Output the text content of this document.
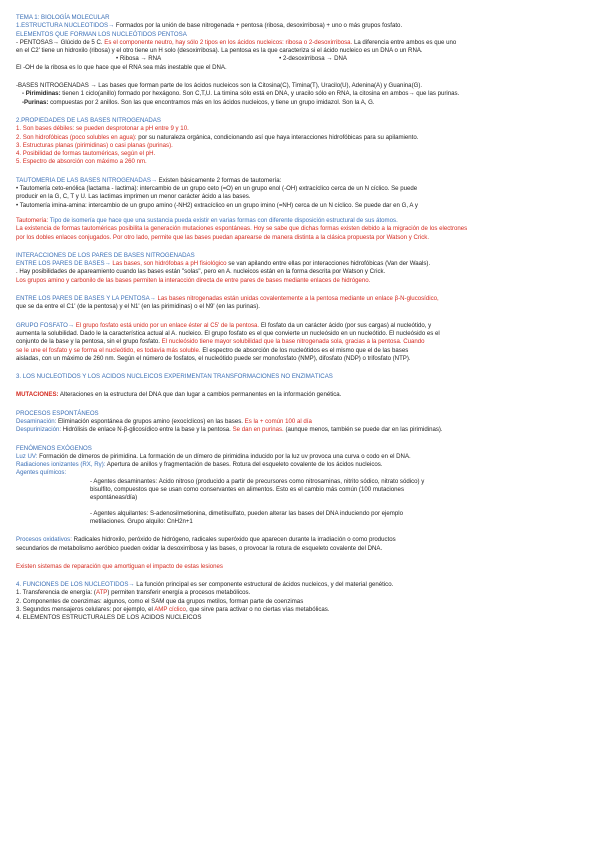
TEMA 1: BIOLOGÍA MOLECULAR

1.ESTRUCTURA NUCLEÓTIDOS→ Formados por la unión de base nitrogenada + pentosa (ribosa, desoxirribosa) + uno o más grupos fosfato.

ELEMENTOS QUE FORMAN LOS NUCLEÓTIDOS PENTOSA

- PENTOSAS→ Glúcido de 5 C. Es el componente neutro, hay sólo 2 tipos en los ácidos nucleicos: ribosa o 2-desoxirribosa. La diferencia entre ambos es que uno

en el C2' tiene un hidroxilo (ribosa) y el otro tiene un H solo (desoxirribosa). La pentosa es la que caracteriza si el ácido nucleico es un DNA o un RNA.

• Ribosa → RNA	• 2-desoxirribosa → DNA

El -OH de la ribosa es lo que hace que el RNA sea más inestable que el DNA.

-BASES NITROGENADAS → Las bases que forman parte de los ácidos nucleicos son la Citosina(C), Timina(T), Uracilo(U), Adenina(A) y Guanina(G).

- Pirimidinas: tienen 1 ciclo(anillo) formado por hexágono. Son C,T,U. La timina sólo está en DNA, y uracilo sólo en RNA, la citosina en ambos→ que las purinas.

-Purinas: compuestas por 2 anillos. Son las que encontramos más en los ácidos nucleicos, y tiene un grupo imidazol. Son la A, G.

2.PROPIEDADES DE LAS BASES NITROGENADAS

1. Son bases débiles: se pueden desprotonar a pH entre 9 y 10.

2. Son hidrofóbicas (poco solubles en agua): por su naturaleza orgánica, condicionando así que haya interacciones hidrofóbicas para su apilamiento.

3. Estructuras planas (pirimidinas) o casi planas (purinas).

4. Posibilidad de formas tautoméricas, según el pH.

5. Espectro de absorción con máximo a 260 nm.

TAUTOMERÍA DE LAS BASES NITROGENADAS→ Existen básicamente 2 formas de tautomería:

• Tautomería ceto-enólica (lactama - lactima): intercambio de un grupo ceto (=O) en un grupo enol (-OH) extracíclico cerca de un N cíclico. Se puede

producir en la G, C, T y U. Las lactimas imprimen un menor carácter ácido a las bases.

• Tautomería imina-amina: intercambio de un grupo amino (-NH2) extracíclico en un grupo imino (=NH) cerca de un N cíclico. Se puede dar en G, A y

Tautomería: Tipo de isomería que hace que una sustancia pueda existir en varias formas con diferente disposición estructural de sus átomos.

La existencia de formas tautoméricas posibilita la generación mutaciones espontáneas. Hoy se sabe que dichas formas existen debido a la migración de los electrones

por los dobles enlaces conjugados. Por otro lado, permite que las bases puedan aparearse de manera distinta a la clásica propuesta por Watson y Crick.

INTERACCIONES DE LOS PARES DE BASES NITROGENADAS

ENTRE LOS PARES DE BASES→ Las bases, son hidrófobas a pH fisiológico se van apilando entre ellas por interacciones hidrofóbicas (Van der Waals).

. Hay posibilidades de apareamiento cuando las bases están "solas", pero en A. nucleicos están en la forma descrita por Watson y Crick.

Los grupos amino y carbonilo de las bases permiten la interacción directa de entre pares de bases mediante enlaces de hidrógeno.

ENTRE LOS PARES DE BASES Y LA PENTOSA→ Las bases nitrogenadas están unidas covalentemente a la pentosa mediante un enlace β-N-glucosídico,

que se da entre el C1' (de la pentosa) y el N1' (en las pirimidinas) o el N9' (en las purinas).

GRUPO FOSFATO→ El grupo fosfato está unido por un enlace éster al C5' de la pentosa. El fosfato da un carácter ácido (por sus cargas) al nucleótido, y

aumenta la solubilidad. Dado le la característica actual al A. nucleico. El grupo fosfato es el que convierte un nucleósido en un nucleótido. El nucleósido es el

conjunto de la base y la pentosa, sin el grupo fosfato. El nucleósido tiene mayor solubilidad que la base nitrogenada sola, gracias a la pentosa. Cuando

se le une el fosfato y se forma el nucleótido, es todavía más soluble. El espectro de absorción de los nucleótidos es el mismo que el de las bases

aisladas, con un máximo de 260 nm. Según el número de fosfatos, el nucleótido puede ser monofosfato (NMP), difosfato (NDP) o trifosfato (NTP).

3. LOS NUCLEÓTIDOS Y LOS ÁCIDOS NUCLEICOS EXPERIMENTAN TRANSFORMACIONES NO ENZIMÁTICAS

MUTACIONES: Alteraciones en la estructura del DNA que dan lugar a cambios permanentes en la información genética.

PROCESOS ESPONTÁNEOS

Desaminación: Eliminación espontánea de grupos amino (exocíclicos) en las bases. Es la + común 100 al día

Despurinización: Hidrólisis de enlace N-β-glicosídico entre la base y la pentosa. Se dan en purinas. (aunque menos, también se puede dar en las pirimidinas).

FENÓMENOS EXÓGENOS

Luz UV: Formación de dímeros de pirimidina. La formación de un dímero de pirimidina inducido por la luz uv provoca una curva o codo en el DNA.

Radiaciones ionizantes (RX, Rγ): Apertura de anillos y fragmentación de bases. Rotura del esqueleto covalente de los ácidos nucleicos.

Agentes químicos:

- Agentes desaminantes: Ácido nitroso (producido a partir de precursores como nitrosaminas, nitrito sódico, nitrato sódico) y

bisulfito, compuestos que se usan como conservantes en alimentos. Esto es el cambio más común (100 mutaciones

espontáneas/día)

- Agentes alquilantes: S-adenosilmetionina, dimetilsulfato, pueden alterar las bases del DNA induciendo por ejemplo

metilaciones. Grupo alquilo: CnH2n+1

Procesos oxidativos: Radicales hidroxilo, peróxido de hidrógeno, radicales superóxido que aparecen durante la irradiación o como productos

secundarios de metabolismo aeróbico pueden oxidar la desoxirribosa y las bases, o provocar la rotura de esqueleto covalente del DNA.

Existen sistemas de reparación que amortiguan el impacto de estas lesiones

4. FUNCIONES DE LOS NUCLEÓTIDOS→ La función principal es ser componente estructural de ácidos nucleicos, y del material genético.

1. Transferencia de energía: (ATP) permiten transferir energía a procesos metabólicos.

2. Componentes de coenzimas: algunos, como el SAM que da grupos metilos, forman parte de coenzimas

3. Segundos mensajeros celulares: por ejemplo, el AMP cíclico, que sirve para activar o no ciertas vías metabólicas.

4. ELEMENTOS ESTRUCTURALES DE LOS ÁCIDOS NUCLEICOS
